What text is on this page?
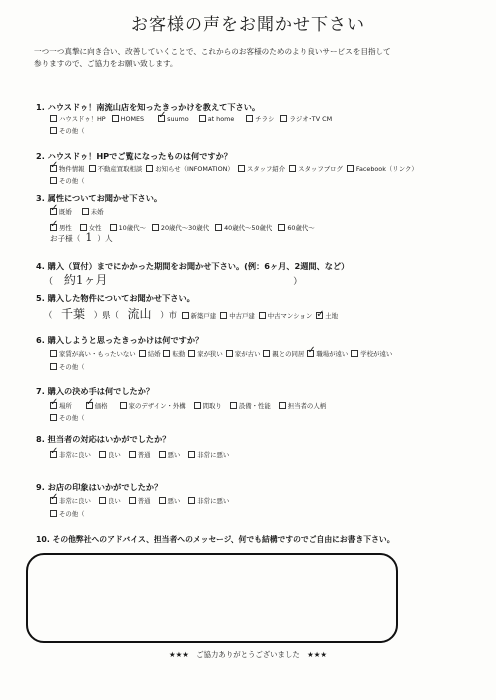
お客様の声をお聞かせ下さい
一つ一つ真摯に向き合い、改善していくことで、これからのお客様のためのより良いサービスを目指して
参りますので、ご協力をお願い致します。
1. ハウスドゥ！南流山店を知ったきっかけを教えて下さい。
ハウスドゥ！HP HOMES ✓	suumo	at home	チラシ ラジオ･TV CM
その他（
2. ハウスドゥ！HPでご覧になったものは何ですか？
✓物件情報 不動産買取相談 お知らせ（INFOMATION） スタッフ紹介 スタッフブログ Facebook（リンク）
その他（
3. 属性についてお聞かせ下さい。
✓既婚	未婚
✓男性	女性	10歳代〜 20歳代〜30歳代 40歳代〜50歳代 60歳代〜
お子様（ 1 ）人
4. 購入（買付）までにかかった期間をお聞かせ下さい。(例：6ヶ月、2週間、など）
（ 約1ヶ月	）
5. 購入した物件についてお聞かせ下さい。
（ 千葉 ）県（ 流山 ）市 新築戸建 中古戸建 中古マンション ✓ 土地
6. 購入しようと思ったきっかけは何ですか？
家賃が高い・もったいない 結婚 転勤 家が狭い 家が古い 親との同居 ✓ 職場が遠い 学校が遠い
その他（
7. 購入の決め手は何でしたか？
✓場所 ✓	価格	家のデザイン・外構	間取り	設備・性能	担当者の人柄
その他（
8. 担当者の対応はいかがでしたか？
✓非常に良い	良い	普通	悪い	非常に悪い
9. お店の印象はいかがでしたか？
✓非常に良い	良い	普通	悪い	非常に悪い
その他（
10. その他弊社へのアドバイス、担当者へのメッセージ、何でも結構ですのでご自由にお書き下さい。
★★★　ご協力ありがとうございました　★★★
